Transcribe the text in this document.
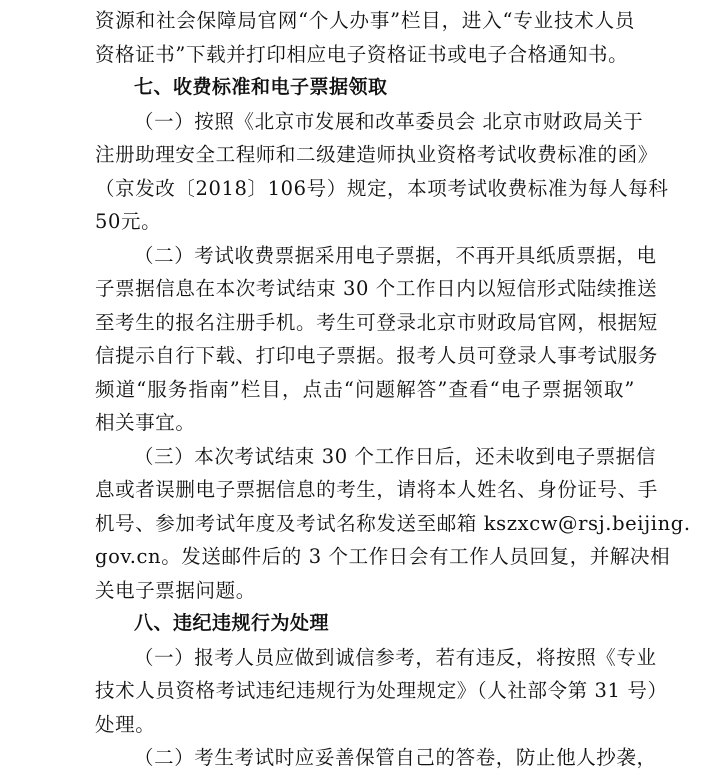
资源和社会保障局官网“个人办事”栏目，进入“专业技术人员
资格证书”下载并打印相应电子资格证书或电子合格通知书。
七、收费标准和电子票据领取
（一）按照《北京市发展和改革委员会 北京市财政局关于
注册助理安全工程师和二级建造师执业资格考试收费标准的函》
（京发改〔2018〕106号）规定，本项考试收费标准为每人每科
50元。
（二）考试收费票据采用电子票据，不再开具纸质票据，电
子票据信息在本次考试结束 30 个工作日内以短信形式陆续推送
至考生的报名注册手机。考生可登录北京市财政局官网，根据短
信提示自行下载、打印电子票据。报考人员可登录人事考试服务
频道“服务指南”栏目，点击“问题解答”查看“电子票据领取”
相关事宜。
（三）本次考试结束 30 个工作日后，还未收到电子票据信
息或者误删电子票据信息的考生，请将本人姓名、身份证号、手
机号、参加考试年度及考试名称发送至邮箱 kszxcw@rsj.beijing.
gov.cn。发送邮件后的 3 个工作日会有工作人员回复，并解决相
关电子票据问题。
八、违纪违规行为处理
（一）报考人员应做到诚信参考，若有违反，将按照《专业
技术人员资格考试违纪违规行为处理规定》（人社部令第 31 号）
处理。
（二）考生考试时应妥善保管自己的答卷，防止他人抄袭，
